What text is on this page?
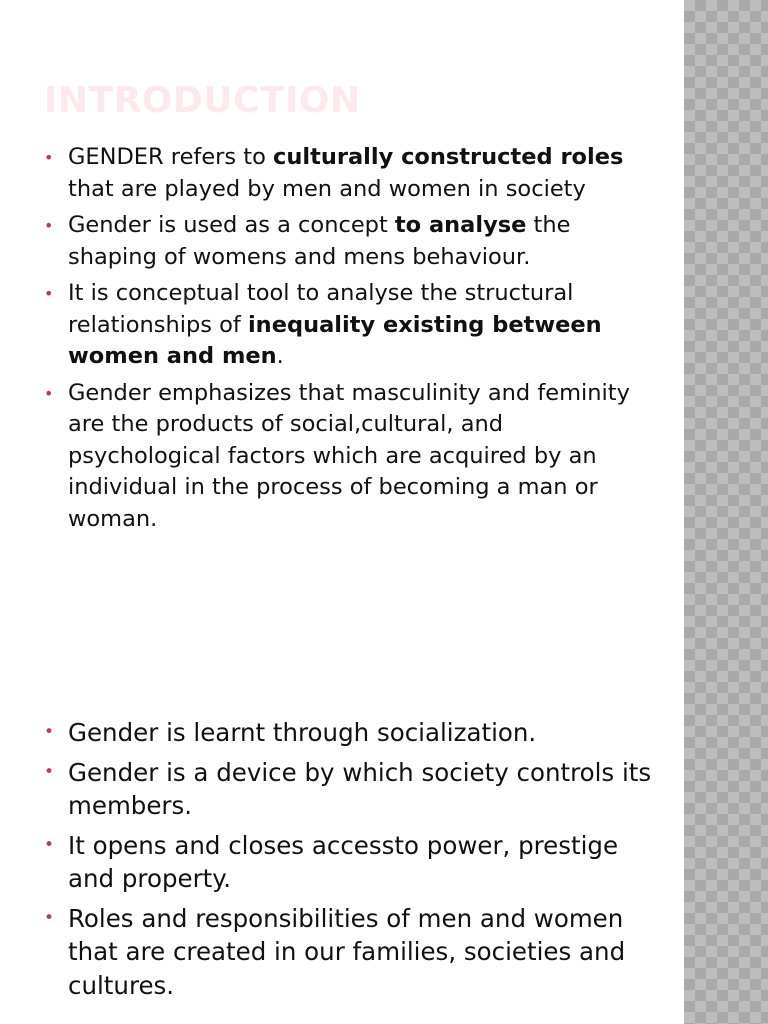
INTRODUCTION
• GENDER refers to culturally constructed roles that are played by men and women in society
• Gender is used as a concept to analyse the shaping of womens and mens behaviour.
• It is conceptual tool to analyse the structural relationships of inequality existing between women and men.
• Gender emphasizes that masculinity and feminity are the products of social,cultural, and psychological factors which are acquired by an individual in the process of becoming a man or woman.
• Gender is learnt through socialization.
• Gender is a device by which society controls its members.
• It opens and closes accessto power, prestige and property.
• Roles and responsibilities of men and women that are created in our families, societies and cultures.
